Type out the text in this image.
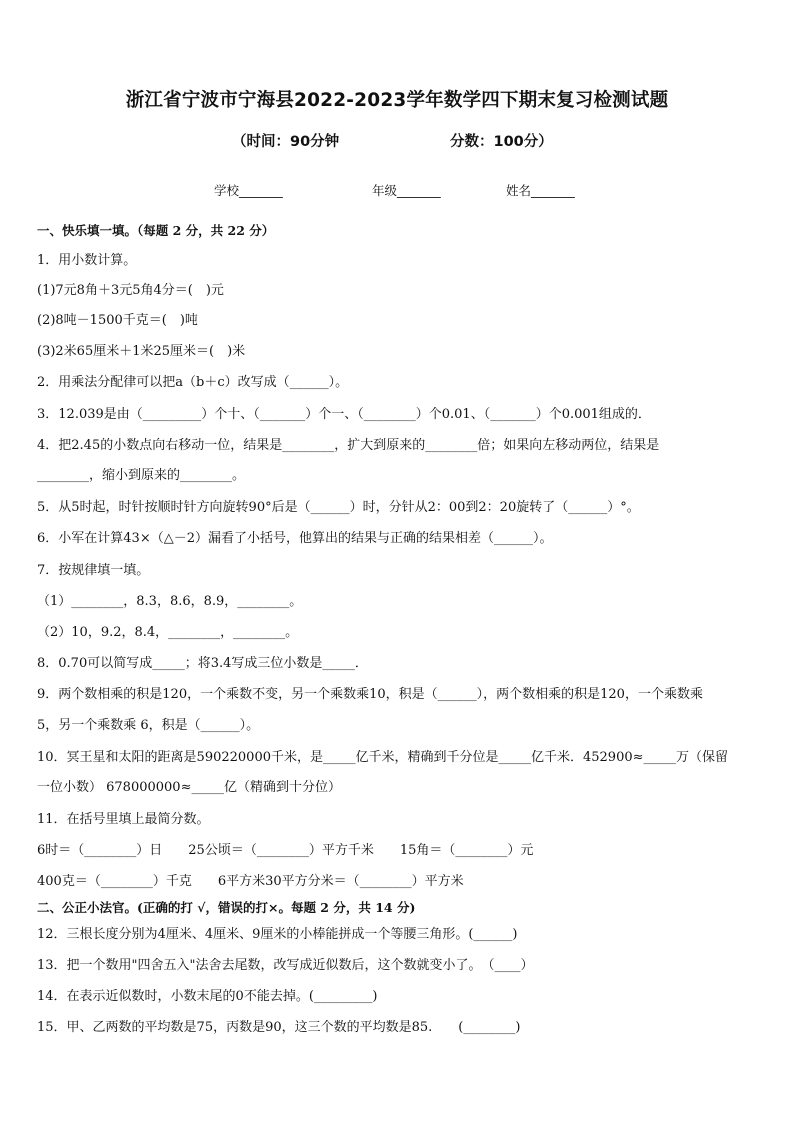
浙江省宁波市宁海县2022-2023学年数学四下期末复习检测试题
（时间：90分钟	分数：100分）
学校_______	年级_______	姓名_______
一、快乐填一填。（每题 2 分，共 22 分）
1．用小数计算。
(1)7元8角＋3元5角4分＝(　)元
(2)8吨－1500千克＝(　)吨
(3)2米65厘米＋1米25厘米＝(　)米
2．用乘法分配律可以把a（b＋c）改写成（______）。
3．12.039是由（_________）个十、（_______）个一、（________）个0.01、（_______）个0.001组成的．
4．把2.45的小数点向右移动一位，结果是________，扩大到原来的________倍；如果向左移动两位，结果是
________，缩小到原来的________。
5．从5时起，时针按顺时针方向旋转90°后是（______）时，分针从2：00到2：20旋转了（______）°。
6．小军在计算43×（△－2）漏看了小括号，他算出的结果与正确的结果相差（______）。
7．按规律填一填。
（1）________，8.3，8.6，8.9，________。
（2）10，9.2，8.4，________，________。
8．0.70可以简写成_____；将3.4写成三位小数是_____．
9．两个数相乘的积是120，一个乘数不变，另一个乘数乘10，积是（______），两个数相乘的积是120，一个乘数乘
5，另一个乘数乘 6，积是（______）。
10．冥王星和太阳的距离是590220000千米，是_____亿千米，精确到千分位是_____亿千米．452900≈_____万（保留
一位小数） 678000000≈_____亿（精确到十分位）
11．在括号里填上最简分数。
6时＝（________）日　　25公顷＝（________）平方千米　　15角＝（________）元
400克＝（________）千克　　6平方米30平方分米＝（________）平方米
二、公正小法官。(正确的打 √，错误的打×。每题 2 分，共 14 分)
12．三根长度分别为4厘米、4厘米、9厘米的小棒能拼成一个等腰三角形。(______)
13．把一个数用"四舍五入"法舍去尾数，改写成近似数后，这个数就变小了。　（____）
14．在表示近似数时，小数末尾的0不能去掉。(_________)
15．甲、乙两数的平均数是75，丙数是90，这三个数的平均数是85.　　(________)
